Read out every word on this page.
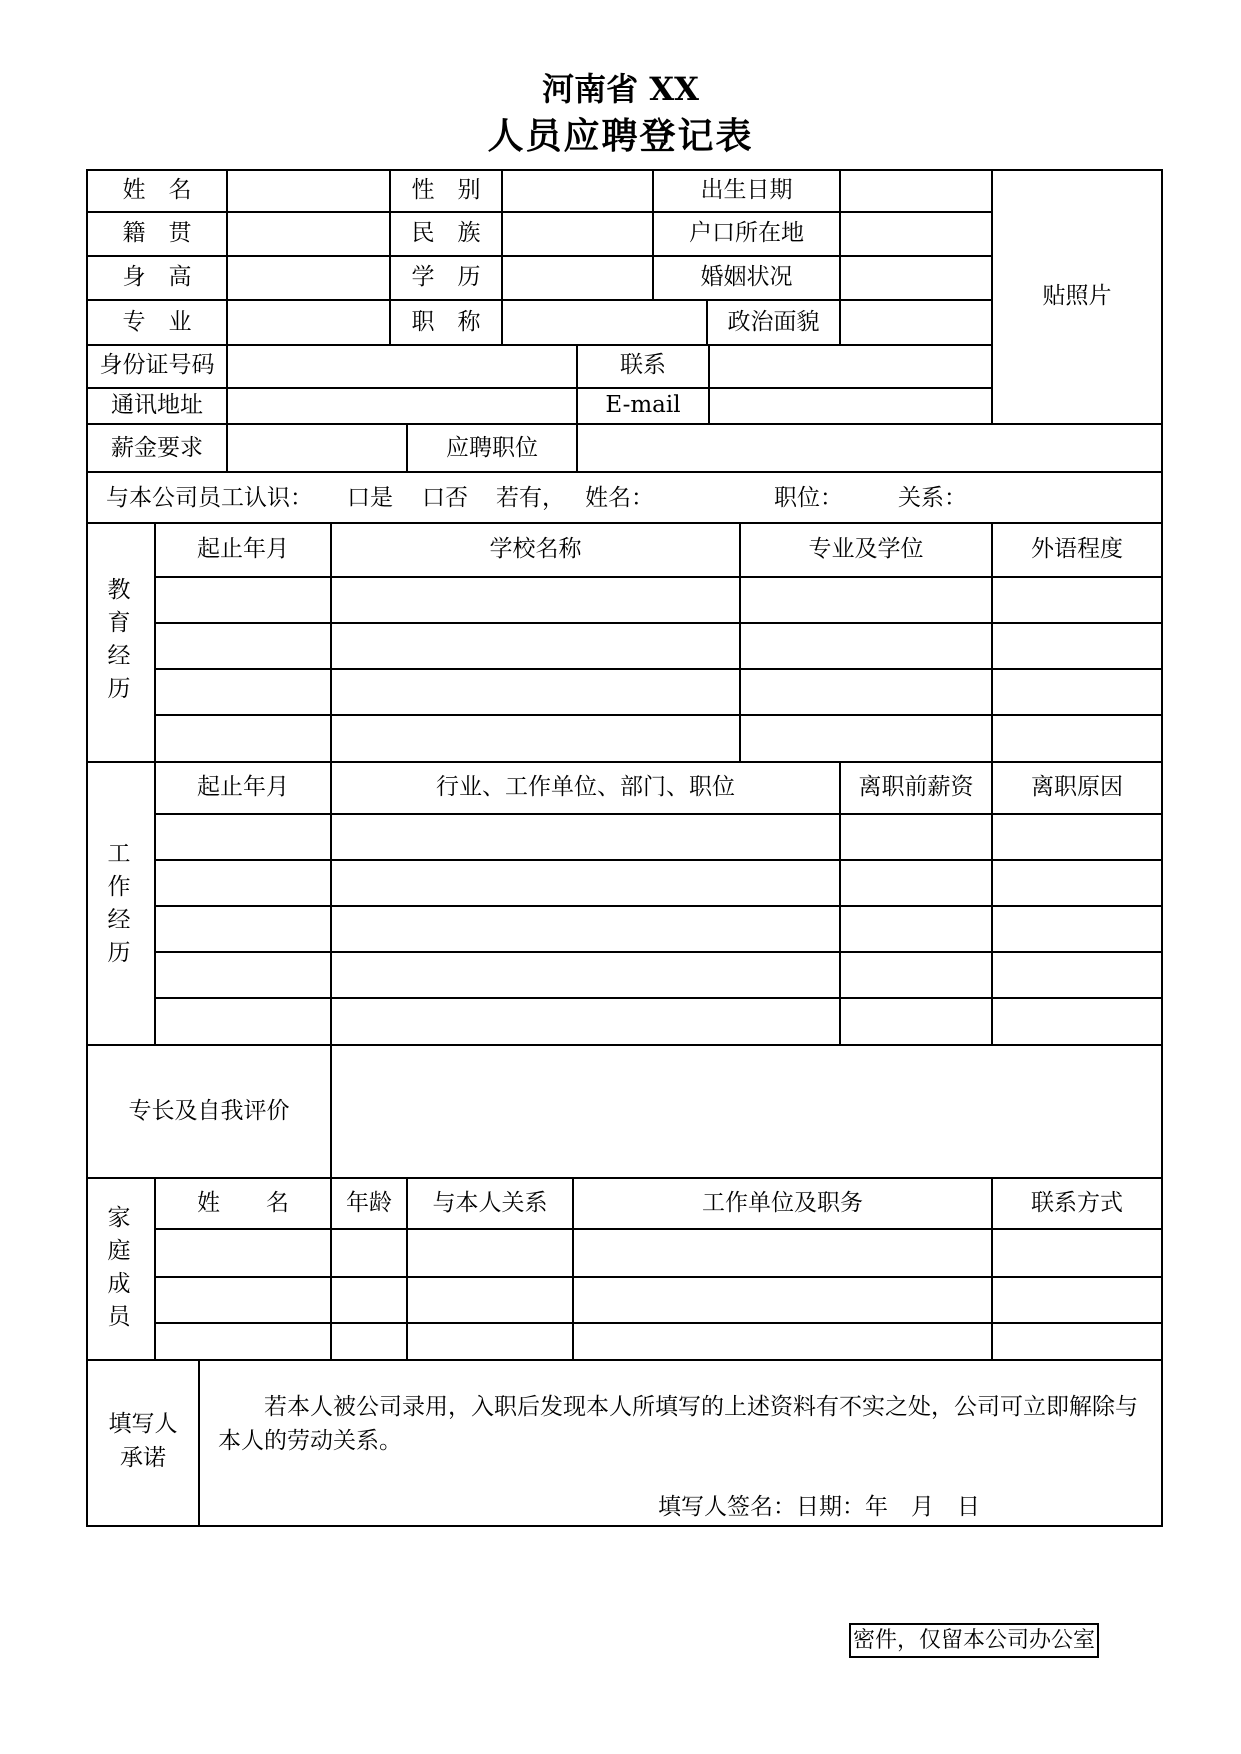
河南省 XX
人员应聘登记表
姓　名	性　别	出生日期
籍　贯	民　族	户口所在地
身　高	学　历	婚姻状况
专　业	职　称	政治面貌
贴照片
身份证号码	联系
通讯地址	E-mail
薪金要求	应聘职位
与本公司员工认识： 口是 口否 若有， 姓名：	职位： 关系：
教
育
经
历
起止年月	学校名称	专业及学位	外语程度
工
作
经
历
起止年月	行业、工作单位、部门、职位	离职前薪资	离职原因
专长及自我评价
家
庭
成
员
姓　　名	年龄	与本人关系	工作单位及职务	联系方式
填写人
承诺
　　若本人被公司录用，入职后发现本人所填写的上述资料有不实之处，公司可立即解除与本人的劳动关系。
填写人签名：日期：年　 月　 日
密件，仅留本公司办公室
